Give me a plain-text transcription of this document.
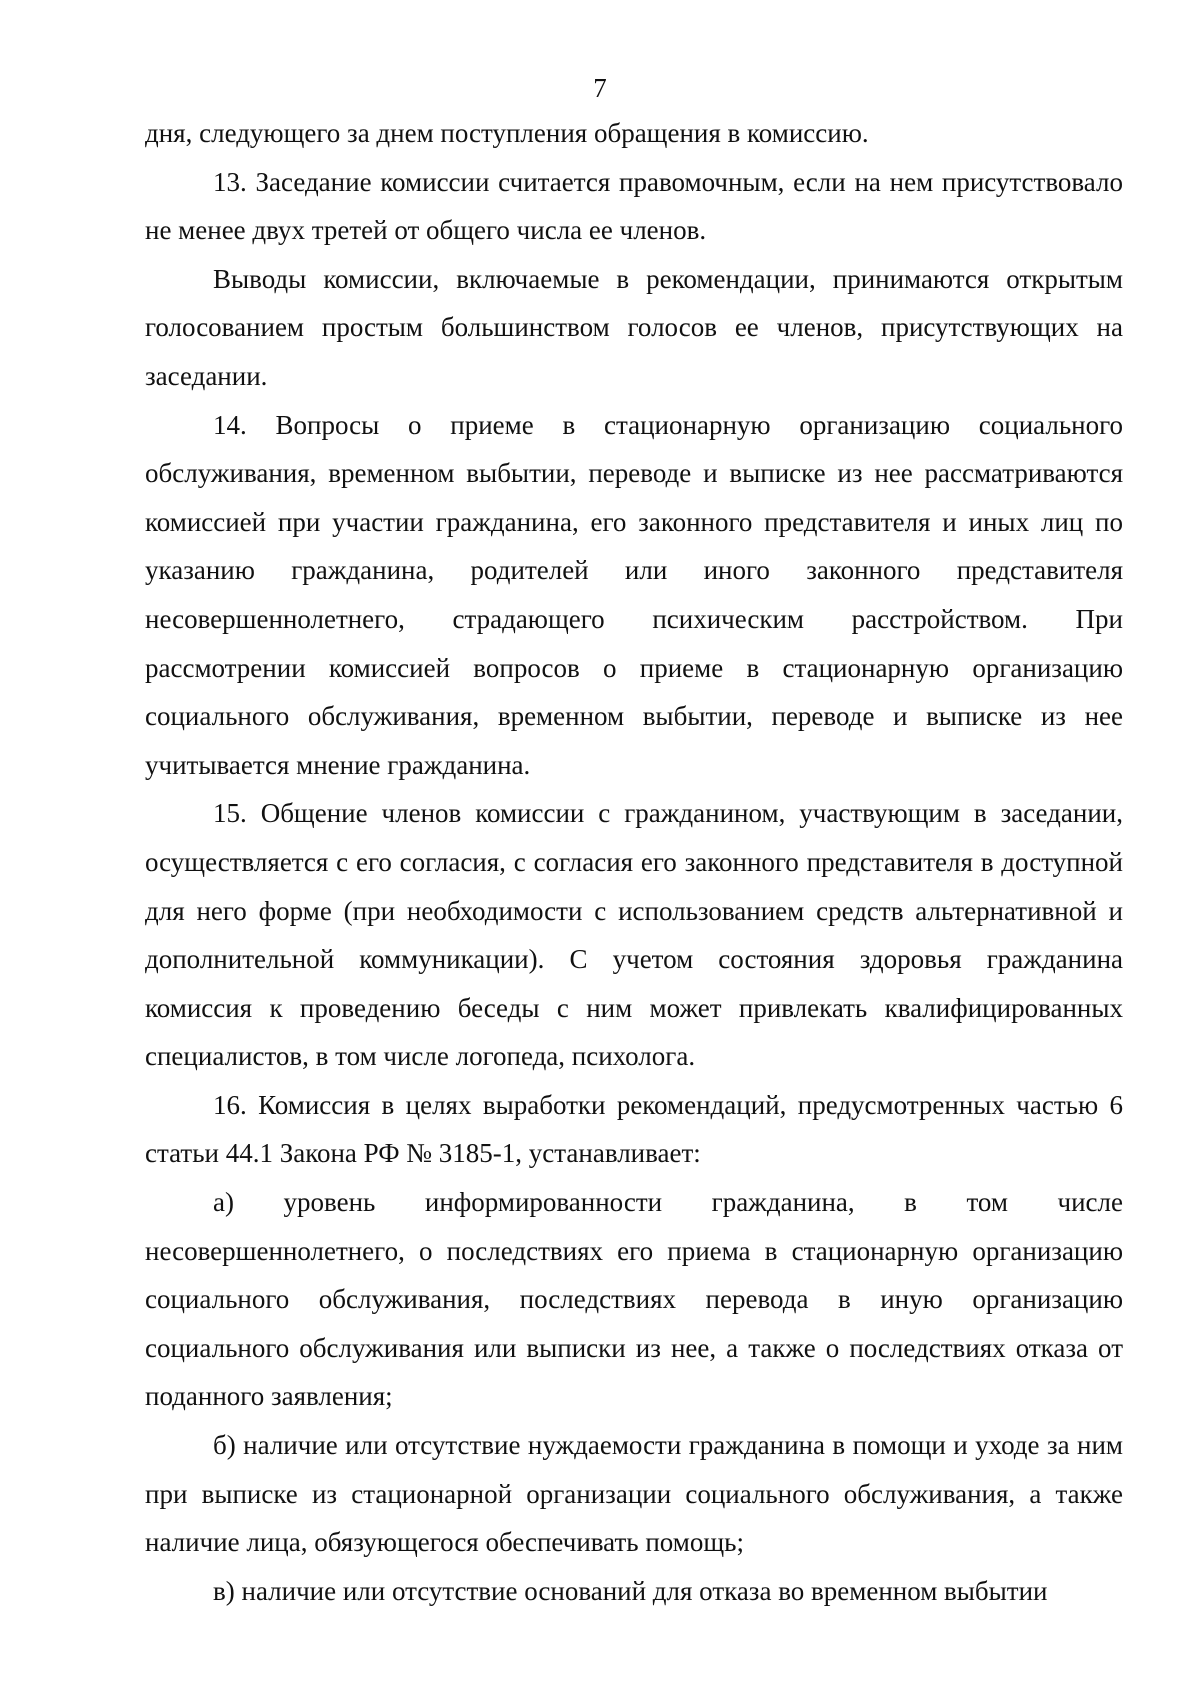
7

дня, следующего за днем поступления обращения в комиссию.

13. Заседание комиссии считается правомочным, если на нем присутствовало не менее двух третей от общего числа ее членов.

Выводы комиссии, включаемые в рекомендации, принимаются открытым голосованием простым большинством голосов ее членов, присутствующих на заседании.

14. Вопросы о приеме в стационарную организацию социального обслуживания, временном выбытии, переводе и выписке из нее рассматриваются комиссией при участии гражданина, его законного представителя и иных лиц по указанию гражданина, родителей или иного законного представителя несовершеннолетнего, страдающего психическим расстройством. При рассмотрении комиссией вопросов о приеме в стационарную организацию социального обслуживания, временном выбытии, переводе и выписке из нее учитывается мнение гражданина.

15. Общение членов комиссии с гражданином, участвующим в заседании, осуществляется с его согласия, с согласия его законного представителя в доступной для него форме (при необходимости с использованием средств альтернативной и дополнительной коммуникации). С учетом состояния здоровья гражданина комиссия к проведению беседы с ним может привлекать квалифицированных специалистов, в том числе логопеда, психолога.

16. Комиссия в целях выработки рекомендаций, предусмотренных частью 6 статьи 44.1 Закона РФ № 3185-1, устанавливает:

а) уровень информированности гражданина, в том числе несовершеннолетнего, о последствиях его приема в стационарную организацию социального обслуживания, последствиях перевода в иную организацию социального обслуживания или выписки из нее, а также о последствиях отказа от поданного заявления;

б) наличие или отсутствие нуждаемости гражданина в помощи и уходе за ним при выписке из стационарной организации социального обслуживания, а также наличие лица, обязующегося обеспечивать помощь;

в) наличие или отсутствие оснований для отказа во временном выбытии
